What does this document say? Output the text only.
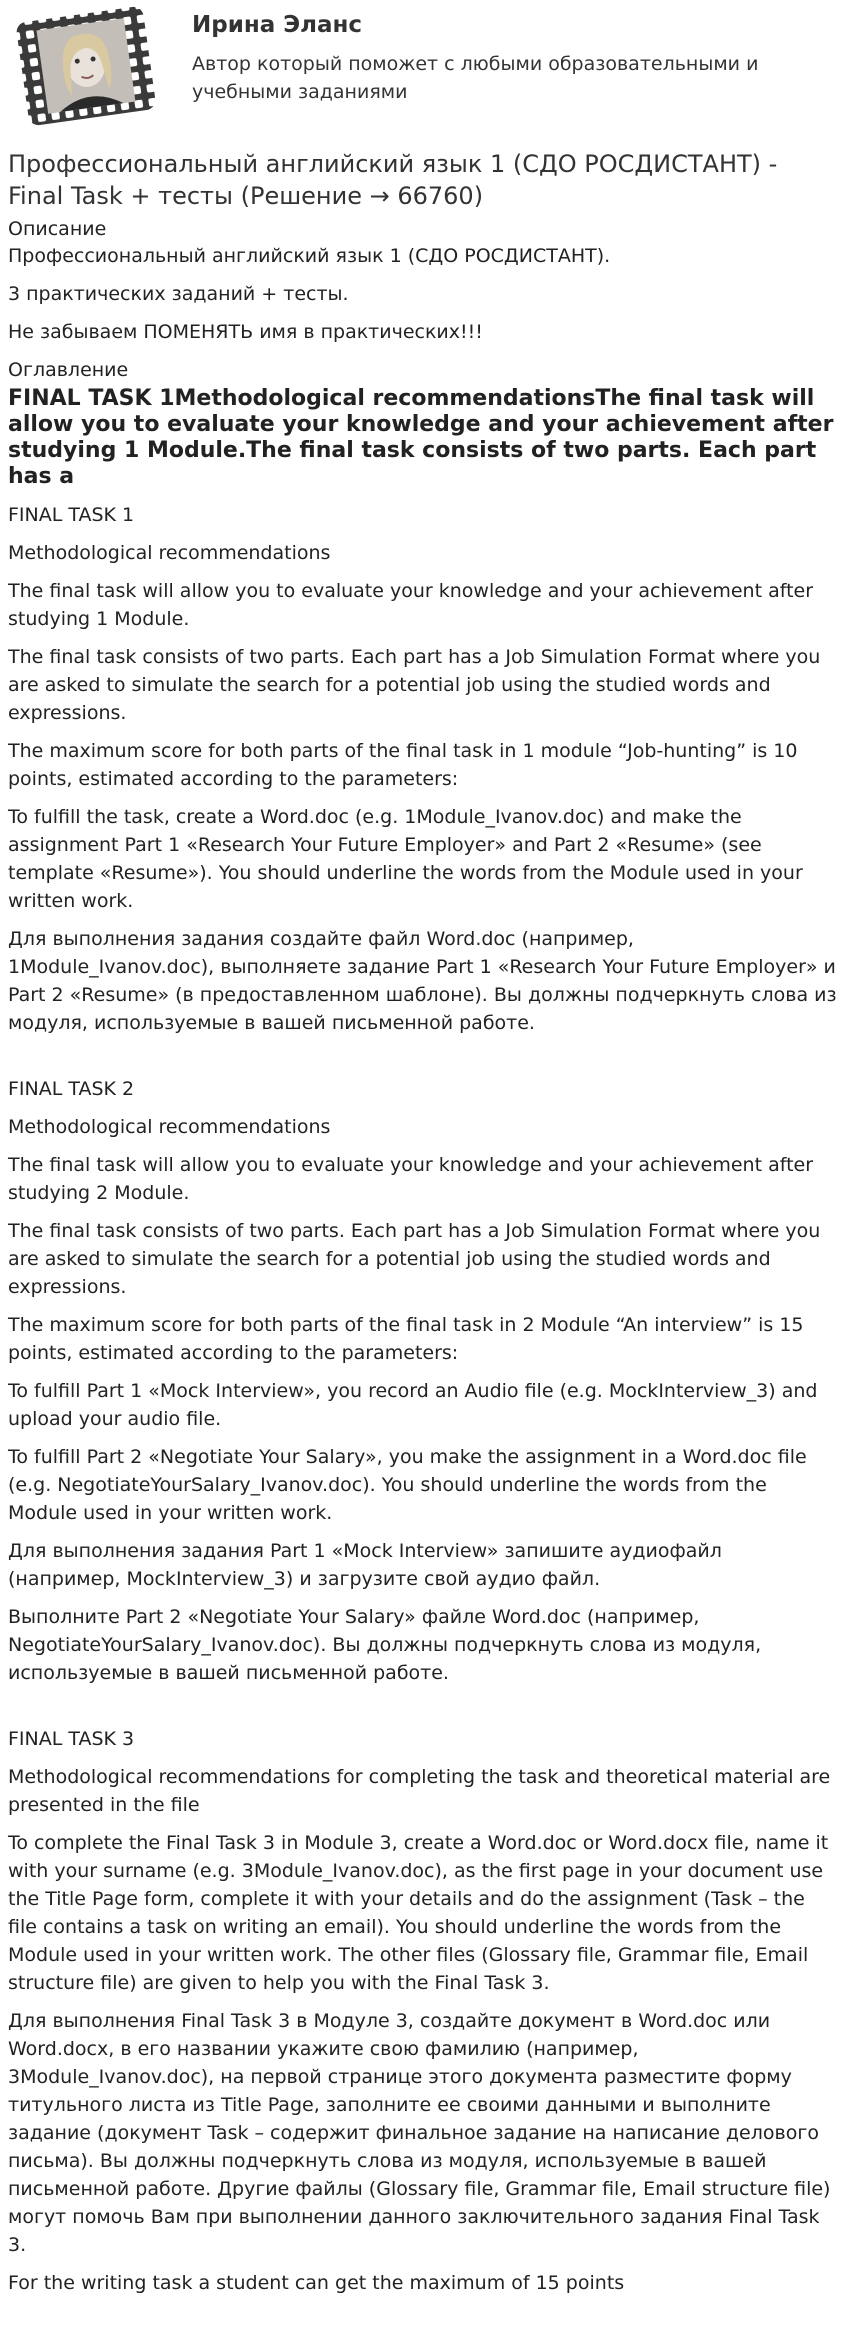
Ирина Эланс
Автор который поможет с любыми образовательными и учебными заданиями
Профессиональный английский язык 1 (СДО РОСДИСТАНТ) - Final Task + тесты (Решение → 66760)
Описание
Профессиональный английский язык 1 (СДО РОСДИСТАНТ).
3 практических заданий + тесты.
Не забываем ПОМЕНЯТЬ имя в практических!!!
Оглавление
FINAL TASK 1Methodological recommendationsThe final task will allow you to evaluate your knowledge and your achievement after studying 1 Module.The final task consists of two parts. Each part has a

FINAL TASK 1

Methodological recommendations

The final task will allow you to evaluate your knowledge and your achievement after studying 1 Module.

The final task consists of two parts. Each part has a Job Simulation Format where you are asked to simulate the search for a potential job using the studied words and expressions.

The maximum score for both parts of the final task in 1 module “Job-hunting” is 10 points, estimated according to the parameters:

To fulfill the task, create a Word.doc (e.g. 1Module_Ivanov.doc) and make the assignment Part 1 «Research Your Future Employer» and Part 2 «Resume» (see template «Resume»). You should underline the words from the Module used in your written work.

Для выполнения задания создайте файл Word.doc (например, 1Module_Ivanov.doc), выполняете задание Part 1 «Research Your Future Employer» и Part 2 «Resume» (в предоставленном шаблоне). Вы должны подчеркнуть слова из модуля, используемые в вашей письменной работе.

FINAL TASK 2

Methodological recommendations

The final task will allow you to evaluate your knowledge and your achievement after studying 2 Module.

The final task consists of two parts. Each part has a Job Simulation Format where you are asked to simulate the search for a potential job using the studied words and expressions.

The maximum score for both parts of the final task in 2 Module “An interview” is 15 points, estimated according to the parameters:

To fulfill Part 1 «Mock Interview», you record an Audio file (e.g. MockInterview_3) and upload your audio file.

To fulfill Part 2 «Negotiate Your Salary», you make the assignment in a Word.doc file (e.g. NegotiateYourSalary_Ivanov.doc). You should underline the words from the Module used in your written work.

Для выполнения задания Part 1 «Mock Interview» запишите аудиофайл (например, MockInterview_3) и загрузите свой аудио файл.

Выполните Part 2 «Negotiate Your Salary» файле Word.doc (например, NegotiateYourSalary_Ivanov.doc). Вы должны подчеркнуть слова из модуля, используемые в вашей письменной работе.

FINAL TASK 3

Methodological recommendations for completing the task and theoretical material are presented in the file

To complete the Final Task 3 in Module 3, create a Word.doc or Word.docx file, name it with your surname (e.g. 3Module_Ivanov.doc), as the first page in your document use the Title Page form, complete it with your details and do the assignment (Task – the file contains a task on writing an email). You should underline the words from the Module used in your written work. The other files (Glossary file, Grammar file, Email structure file) are given to help you with the Final Task 3.

Для выполнения Final Task 3 в Модуле 3, создайте документ в Word.doc или Word.docx, в его названии укажите свою фамилию (например, 3Module_Ivanov.doc), на первой странице этого документа разместите форму титульного листа из Title Page, заполните ее своими данными и выполните задание (документ Task – содержит финальное задание на написание делового письма). Вы должны подчеркнуть слова из модуля, используемые в вашей письменной работе. Другие файлы (Glossary file, Grammar file, Email structure file) могут помочь Вам при выполнении данного заключительного задания Final Task 3.

For the writing task a student can get the maximum of 15 points
